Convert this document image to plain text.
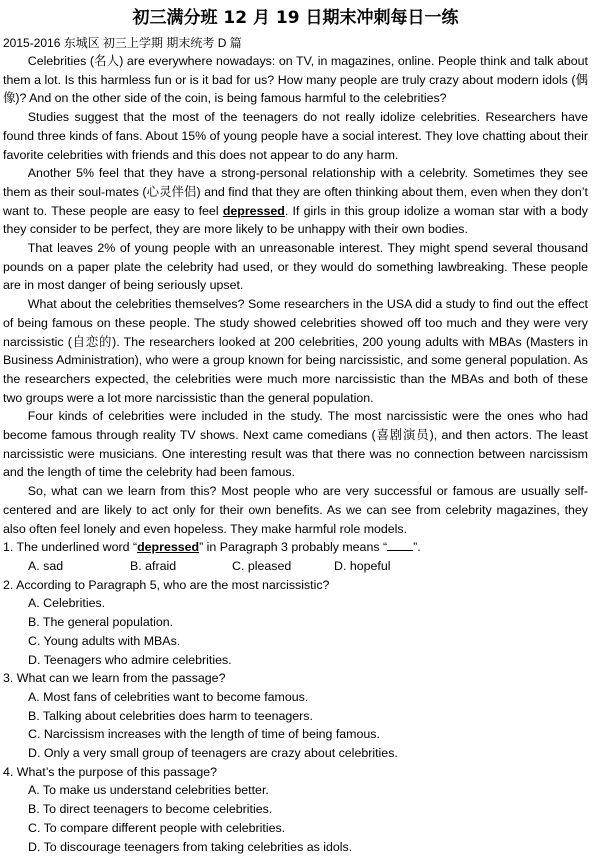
初三满分班 12 月 19 日期末冲刺每日一练

2015-2016 东城区 初三上学期 期末统考 D 篇

Celebrities (名人) are everywhere nowadays: on TV, in magazines, online. People think and talk about them a lot. Is this harmless fun or is it bad for us? How many people are truly crazy about modern idols (偶像)? And on the other side of the coin, is being famous harmful to the celebrities?

Studies suggest that the most of the teenagers do not really idolize celebrities. Researchers have found three kinds of fans. About 15% of young people have a social interest. They love chatting about their favorite celebrities with friends and this does not appear to do any harm.

Another 5% feel that they have a strong-personal relationship with a celebrity. Sometimes they see them as their soul-mates (心灵伴侣) and find that they are often thinking about them, even when they don’t want to. These people are easy to feel depressed. If girls in this group idolize a woman star with a body they consider to be perfect, they are more likely to be unhappy with their own bodies.

That leaves 2% of young people with an unreasonable interest. They might spend several thousand pounds on a paper plate the celebrity had used, or they would do something lawbreaking. These people are in most danger of being seriously upset.

What about the celebrities themselves? Some researchers in the USA did a study to find out the effect of being famous on these people. The study showed celebrities showed off too much and they were very narcissistic (自恋的). The researchers looked at 200 celebrities, 200 young adults with MBAs (Masters in Business Administration), who were a group known for being narcissistic, and some general population. As the researchers expected, the celebrities were much more narcissistic than the MBAs and both of these two groups were a lot more narcissistic than the general population.

Four kinds of celebrities were included in the study. The most narcissistic were the ones who had become famous through reality TV shows. Next came comedians (喜剧演员), and then actors. The least narcissistic were musicians. One interesting result was that there was no connection between narcissism and the length of time the celebrity had been famous.

So, what can we learn from this? Most people who are very successful or famous are usually self-centered and are likely to act only for their own benefits. As we can see from celebrity magazines, they also often feel lonely and even hopeless. They make harmful role models.

1. The underlined word “depressed” in Paragraph 3 probably means “ ”.

A. sad	B. afraid	C. pleased	D. hopeful

2. According to Paragraph 5, who are the most narcissistic?

A. Celebrities.

B. The general population.

C. Young adults with MBAs.

D. Teenagers who admire celebrities.

3. What can we learn from the passage?

A. Most fans of celebrities want to become famous.

B. Talking about celebrities does harm to teenagers.

C. Narcissism increases with the length of time of being famous.

D. Only a very small group of teenagers are crazy about celebrities.

4. What’s the purpose of this passage?

A. To make us understand celebrities better.

B. To direct teenagers to become celebrities.

C. To compare different people with celebrities.

D. To discourage teenagers from taking celebrities as idols.
